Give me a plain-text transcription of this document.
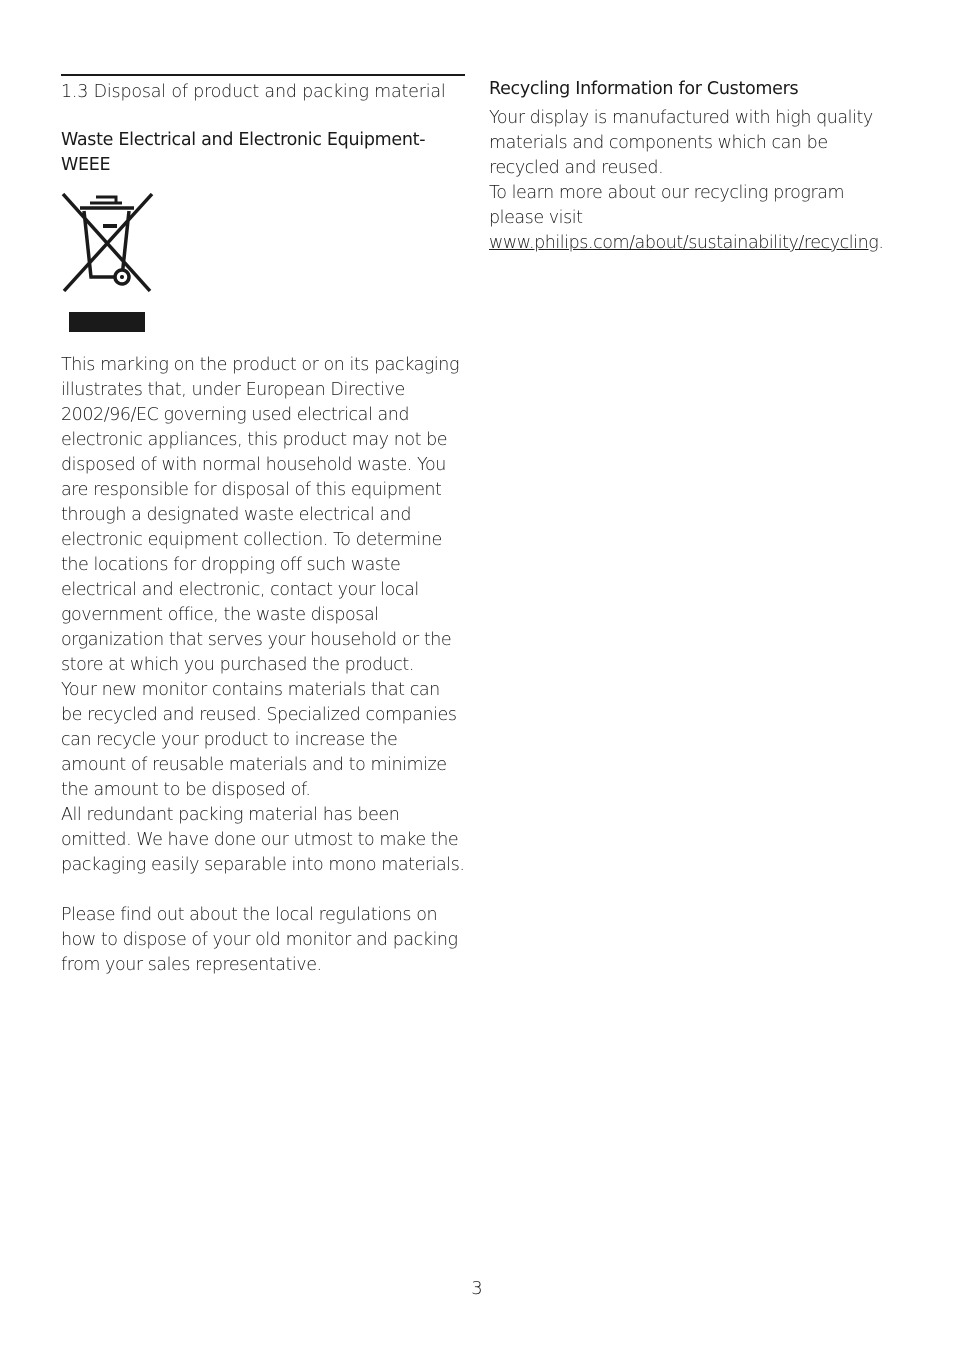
1.3 Disposal of product and packing material
Waste Electrical and Electronic Equipment-WEEE

This marking on the product or on its packaging illustrates that, under European Directive 2002/96/EC governing used electrical and electronic appliances, this product may not be disposed of with normal household waste. You are responsible for disposal of this equipment through a designated waste electrical and electronic equipment collection. To determine the locations for dropping off such waste electrical and electronic, contact your local government office, the waste disposal organization that serves your household or the store at which you purchased the product.

Your new monitor contains materials that can be recycled and reused. Specialized companies can recycle your product to increase the amount of reusable materials and to minimize the amount to be disposed of.

All redundant packing material has been omitted. We have done our utmost to make the packaging easily separable into mono materials.

Please find out about the local regulations on how to dispose of your old monitor and packing from your sales representative.

Recycling Information for Customers

Your display is manufactured with high quality materials and components which can be recycled and reused.

To learn more about our recycling program please visit www.philips.com/about/sustainability/recycling.

3
